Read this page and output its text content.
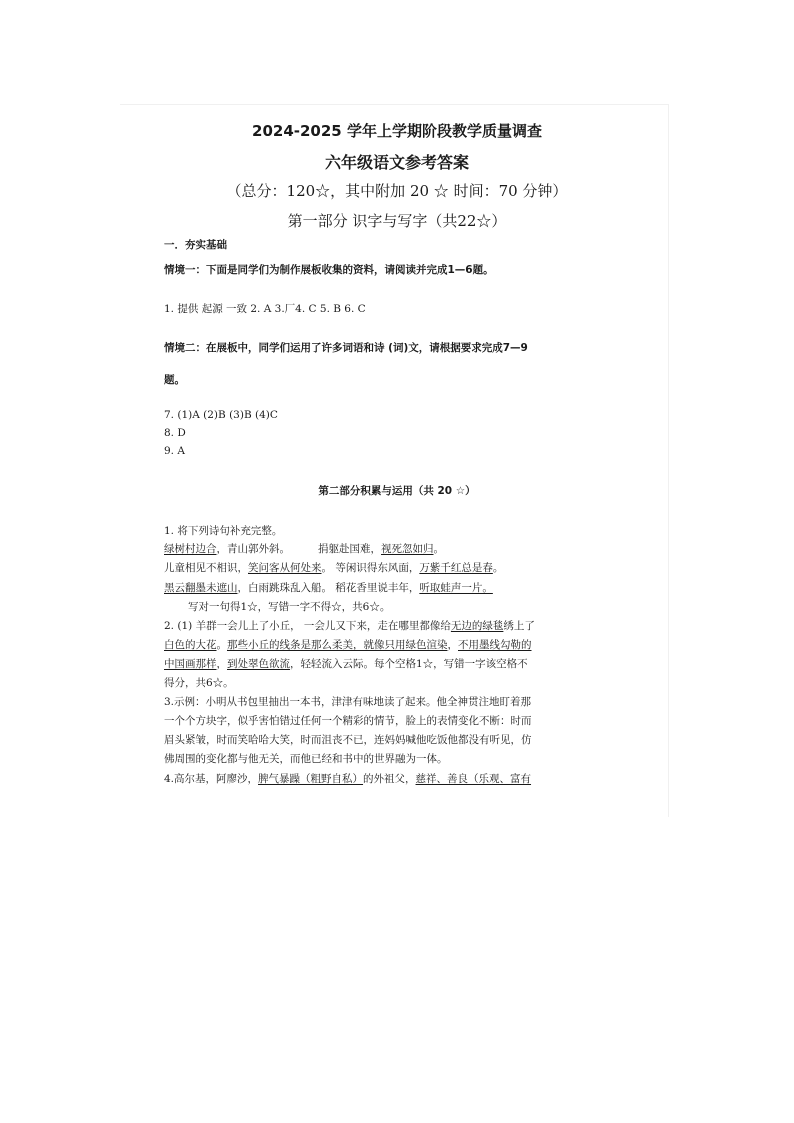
2024-2025 学年上学期阶段教学质量调查
六年级语文参考答案
（总分：120☆，其中附加 20 ☆ 时间：70 分钟）
第一部分 识字与写字（共22☆）
一．夯实基础
情境一：下面是同学们为制作展板收集的资料，请阅读并完成1—6题。
1. 提供 起源 一致 2. A 3.厂4. C 5. B 6. C
情境二：在展板中，同学们运用了许多词语和诗 (词)文，请根据要求完成7—9
题。
7. (1)A (2)B (3)B (4)C
8. D
9. A
第二部分积累与运用（共 20 ☆）
1. 将下列诗句补充完整。
绿树村边合，青山郭外斜。	捐躯赴国难，视死忽如归。
儿童相见不相识，笑问客从何处来。 等闲识得东风面，万紫千红总是春。
黑云翻墨未遮山，白雨跳珠乱入船。 稻花香里说丰年，听取蛙声一片。
写对一句得1☆，写错一字不得☆，共6☆。
2. (1) 羊群一会儿上了小丘， 一会儿又下来，走在哪里都像给无边的绿毯绣上了
白色的大花。那些小丘的线条是那么柔美，就像只用绿色渲染，不用墨线勾勒的
中国画那样，到处翠色欲流，轻轻流入云际。每个空格1☆，写错一字该空格不
得分，共6☆。
3.示例：小明从书包里抽出一本书，津津有味地读了起来。他全神贯注地盯着那
一个个方块字，似乎害怕错过任何一个精彩的情节，脸上的表情变化不断：时而
眉头紧皱，时而笑哈哈大笑，时而沮丧不已，连妈妈喊他吃饭他都没有听见，仿
佛周围的变化都与他无关，而他已经和书中的世界融为一体。
4.高尔基，阿廖沙，脾气暴躁（粗野自私）的外祖父，慈祥、善良（乐观、富有
